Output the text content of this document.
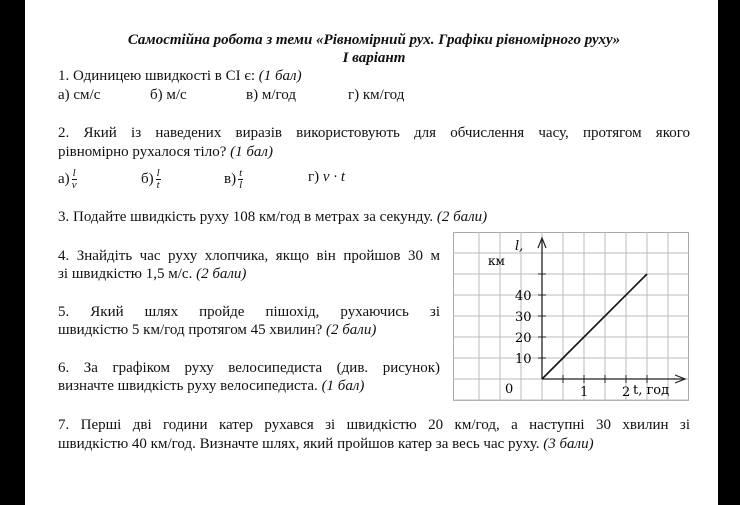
Самостійна робота з теми «Рівномірний рух. Графіки рівномірного руху»
І варіант
1. Одиницею швидкості в СІ є: (1 бал)
а) см/с	б) м/с	в) м/год	г) км/год
2. Який із наведених виразів використовують для обчислення часу, протягом якого
рівномірно рухалося тіло? (1 бал)
$а) \frac{l}{v}$	$б) \frac{l}{t}$	$в) \frac{t}{l}$	г) v · t
3. Подайте швидкість руху 108 км/год в метрах за секунду. (2 бали)
4. Знайдіть час руху хлопчика, якщо він пройшов 30 м
зі швидкістю 1,5 м/с. (2 бали)
5. Який шлях пройде пішохід, рухаючись зі
швидкістю 5 км/год протягом 45 хвилин? (2 бали)
6. За графіком руху велосипедиста (див. рисунок)
визначте швидкість руху велосипедиста. (1 бал)
7. Перші дві години катер рухався зі швидкістю 20 км/год, а наступні 30 хвилин зі
швидкістю 40 км/год. Визначте шлях, який пройшов катер за весь час руху. (3 бали)
1	2
10
20
30
40
l,
км
t, год
0
